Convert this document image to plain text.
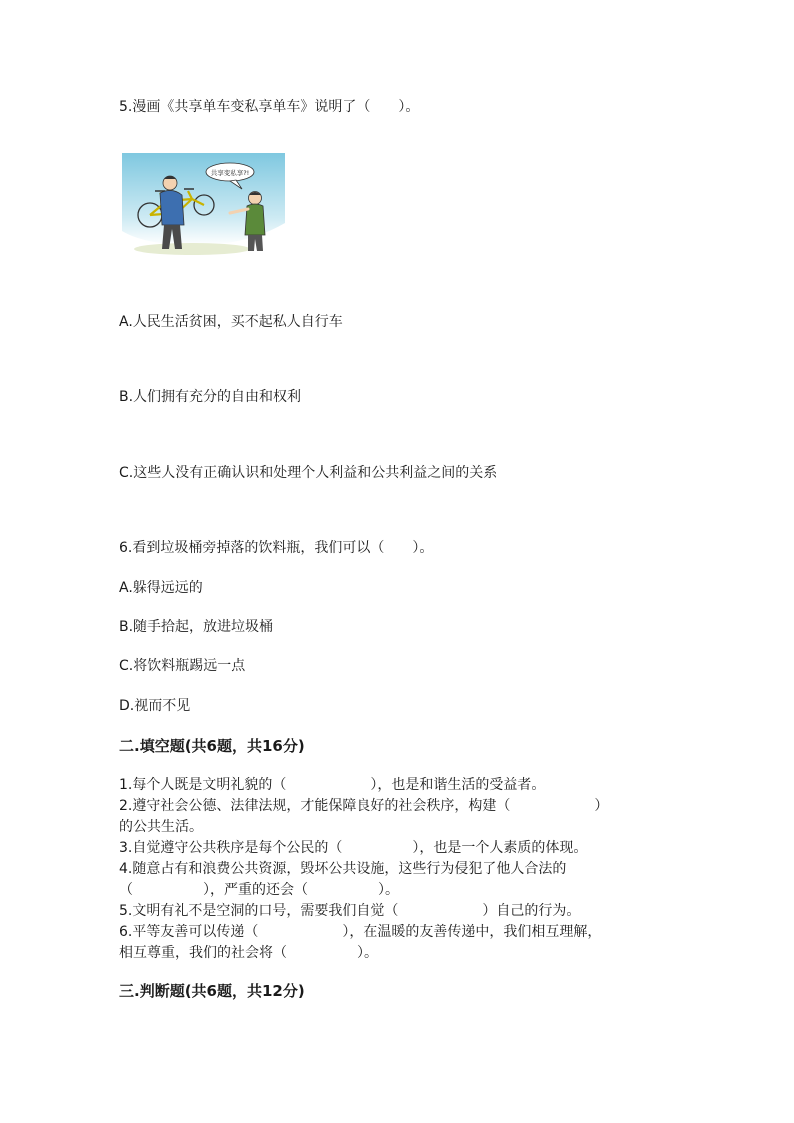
5.漫画《共享单车变私享单车》说明了（　　）。

共享变私享?!

A.人民生活贫困，买不起私人自行车

B.人们拥有充分的自由和权利

C.这些人没有正确认识和处理个人利益和公共利益之间的关系

6.看到垃圾桶旁掉落的饮料瓶，我们可以（　　）。

A.躲得远远的

B.随手拾起，放进垃圾桶

C.将饮料瓶踢远一点

D.视而不见

二.填空题(共6题，共16分)

1.每个人既是文明礼貌的（　　　　　　），也是和谐生活的受益者。

2.遵守社会公德、法律法规，才能保障良好的社会秩序，构建（　　　　　　）

的公共生活。

3.自觉遵守公共秩序是每个公民的（　　　　　），也是一个人素质的体现。

4.随意占有和浪费公共资源，毁坏公共设施，这些行为侵犯了他人合法的

（　　　　　），严重的还会（　　　　　）。

5.文明有礼不是空洞的口号，需要我们自觉（　　　　　　）自己的行为。

6.平等友善可以传递（　　　　　　），在温暖的友善传递中，我们相互理解，

相互尊重，我们的社会将（　　　　　）。

三.判断题(共6题，共12分)
